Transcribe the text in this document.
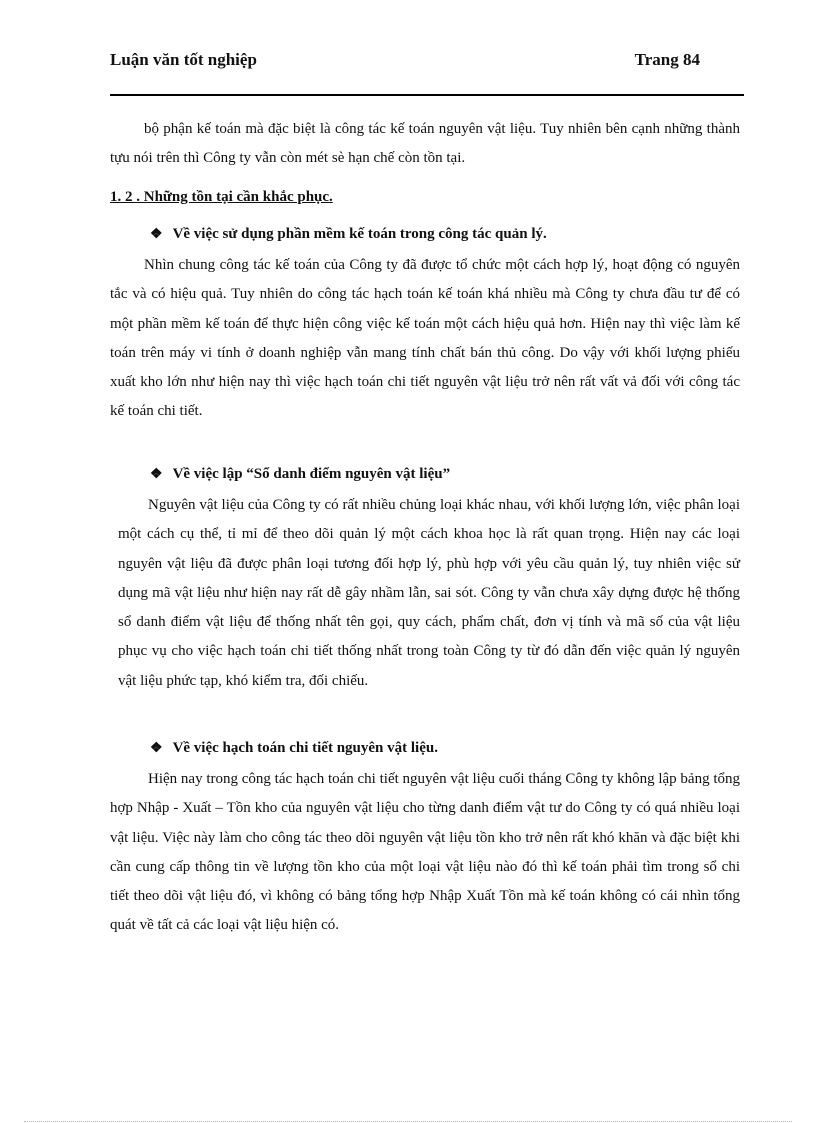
Luận văn tốt nghiệp	Trang 84

bộ phận kế toán mà đặc biệt là công tác kế toán nguyên vật liệu. Tuy nhiên bên cạnh những thành tựu nói trên thì Công ty vẫn còn mét sè hạn chế còn tồn tại.

1. 2 . Những tồn tại cần khắc phục.

❖ Về việc sử dụng phần mềm kế toán trong công tác quản lý.

Nhìn chung công tác kế toán của Công ty đã được tổ chức một cách hợp lý, hoạt động có nguyên tắc và có hiệu quả. Tuy nhiên do công tác hạch toán kế toán khá nhiều mà Công ty chưa đầu tư để có một phần mềm kế toán để thực hiện công việc kế toán một cách hiệu quả hơn. Hiện nay thì việc làm kế toán trên máy vi tính ở doanh nghiệp vẫn mang tính chất bán thủ công. Do vậy với khối lượng phiếu xuất kho lớn như hiện nay thì việc hạch toán chi tiết nguyên vật liệu trở nên rất vất vả đối với công tác kế toán chi tiết.

❖ Về việc lập “Sổ danh điểm nguyên vật liệu”

Nguyên vật liệu của Công ty có rất nhiều chủng loại khác nhau, với khối lượng lớn, việc phân loại một cách cụ thể, tỉ mỉ để theo dõi quản lý một cách khoa học là rất quan trọng. Hiện nay các loại nguyên vật liệu đã được phân loại tương đối hợp lý, phù hợp với yêu cầu quản lý, tuy nhiên việc sử dụng mã vật liệu như hiện nay rất dễ gây nhầm lẫn, sai sót. Công ty vẫn chưa xây dựng được hệ thống sổ danh điểm vật liệu để thống nhất tên gọi, quy cách, phẩm chất, đơn vị tính và mã số của vật liệu phục vụ cho việc hạch toán chi tiết thống nhất trong toàn Công ty từ đó dẫn đến việc quản lý nguyên vật liệu phức tạp, khó kiểm tra, đối chiếu.

❖ Về việc hạch toán chi tiết nguyên vật liệu.

Hiện nay trong công tác hạch toán chi tiết nguyên vật liệu cuối tháng Công ty không lập bảng tổng hợp Nhập - Xuất – Tồn kho của nguyên vật liệu cho từng danh điểm vật tư do Công ty có quá nhiều loại vật liệu. Việc này làm cho công tác theo dõi nguyên vật liệu tồn kho trở nên rất khó khăn và đặc biệt khi cần cung cấp thông tin về lượng tồn kho của một loại vật liệu nào đó thì kế toán phải tìm trong sổ chi tiết theo dõi vật liệu đó, vì không có bảng tổng hợp Nhập Xuất Tồn mà kế toán không có cái nhìn tổng quát về tất cả các loại vật liệu hiện có.
